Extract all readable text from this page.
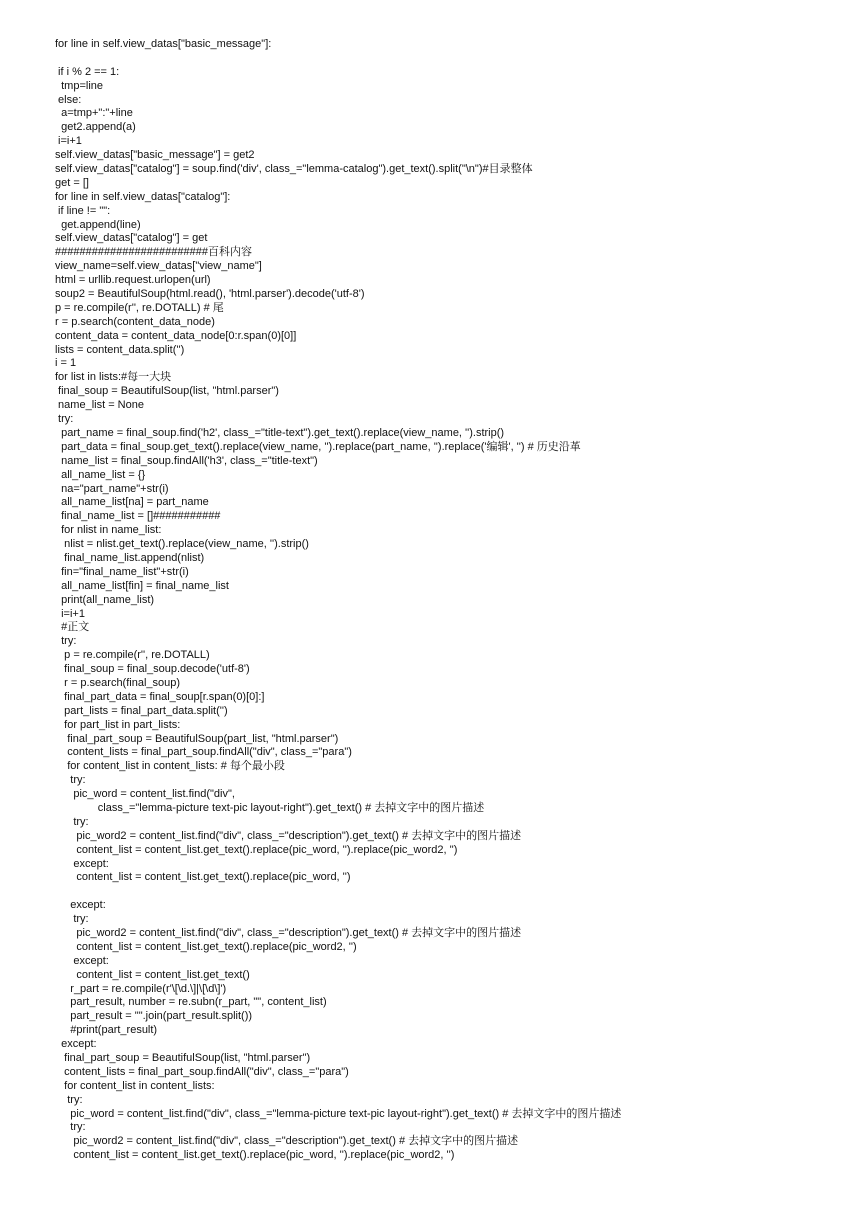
for line in self.view_datas["basic_message"]:
if i % 2 == 1:
tmp=line
else:
a=tmp+":"+line
get2.append(a)
i=i+1
self.view_datas["basic_message"] = get2
self.view_datas["catalog"] = soup.find('div', class_="lemma-catalog").get_text().split("\n")#目录整体
get = []
for line in self.view_datas["catalog"]:
if line != "":
get.append(line)
self.view_datas["catalog"] = get
#########################百科内容
view_name=self.view_datas["view_name"]
html = urllib.request.urlopen(url)
soup2 = BeautifulSoup(html.read(), 'html.parser').decode('utf-8')
p = re.compile(r'', re.DOTALL) # 尾
r = p.search(content_data_node)
content_data = content_data_node[0:r.span(0)[0]]
lists = content_data.split('')
i = 1
for list in lists:#每一大块
final_soup = BeautifulSoup(list, "html.parser")
name_list = None
try:
part_name = final_soup.find('h2', class_="title-text").get_text().replace(view_name, '').strip()
part_data = final_soup.get_text().replace(view_name, '').replace(part_name, '').replace('编辑', '') # 历史沿革
name_list = final_soup.findAll('h3', class_="title-text")
all_name_list = {}
na="part_name"+str(i)
all_name_list[na] = part_name
final_name_list = []###########
for nlist in name_list:
nlist = nlist.get_text().replace(view_name, '').strip()
final_name_list.append(nlist)
fin="final_name_list"+str(i)
all_name_list[fin] = final_name_list
print(all_name_list)
i=i+1
#正文
try:
p = re.compile(r'', re.DOTALL)
final_soup = final_soup.decode('utf-8')
r = p.search(final_soup)
final_part_data = final_soup[r.span(0)[0]:]
part_lists = final_part_data.split('')
for part_list in part_lists:
final_part_soup = BeautifulSoup(part_list, "html.parser")
content_lists = final_part_soup.findAll("div", class_="para")
for content_list in content_lists: # 每个最小段
try:
pic_word = content_list.find("div",
class_="lemma-picture text-pic layout-right").get_text() # 去掉文字中的图片描述
try:
pic_word2 = content_list.find("div", class_="description").get_text() # 去掉文字中的图片描述
content_list = content_list.get_text().replace(pic_word, '').replace(pic_word2, '')
except:
content_list = content_list.get_text().replace(pic_word, '')
except:
try:
pic_word2 = content_list.find("div", class_="description").get_text() # 去掉文字中的图片描述
content_list = content_list.get_text().replace(pic_word2, '')
except:
content_list = content_list.get_text()
r_part = re.compile(r'\[\d.\]|\[\d\]')
part_result, number = re.subn(r_part, "", content_list)
part_result = "".join(part_result.split())
#print(part_result)
except:
final_part_soup = BeautifulSoup(list, "html.parser")
content_lists = final_part_soup.findAll("div", class_="para")
for content_list in content_lists:
try:
pic_word = content_list.find("div", class_="lemma-picture text-pic layout-right").get_text() # 去掉文字中的图片描述
try:
pic_word2 = content_list.find("div", class_="description").get_text() # 去掉文字中的图片描述
content_list = content_list.get_text().replace(pic_word, '').replace(pic_word2, '')
